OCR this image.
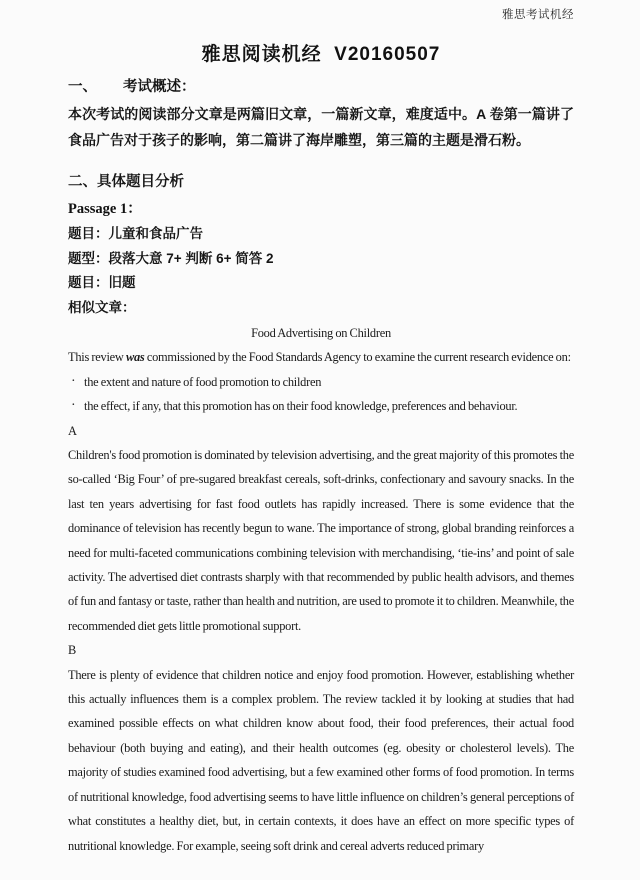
雅思考试机经
雅思阅读机经  V20160507
一、 考试概述：

本次考试的阅读部分文章是两篇旧文章，一篇新文章，难度适中。A 卷第一篇讲了食品广告对于孩子的影响，第二篇讲了海岸雕塑，第三篇的主题是滑石粉。

二、具体题目分析
Passage 1：
题目：儿童和食品广告
题型：段落大意 7+ 判断 6+ 简答 2
题目：旧题
相似文章：
Food Advertising on Children

This review was commissioned by the Food Standards Agency to examine the current research evidence on:

· the extent and nature of food promotion to children
· the effect, if any, that this promotion has on their food knowledge, preferences and behaviour.
A

Children's food promotion is dominated by television advertising, and the great majority of this promotes the so-called ‘Big Four’ of pre-sugared breakfast cereals, soft-drinks, confectionary and savoury snacks. In the last ten years advertising for fast food outlets has rapidly increased. There is some evidence that the dominance of television has recently begun to wane. The importance of strong, global branding reinforces a need for multi-faceted communications combining television with merchandising, ‘tie-ins’ and point of sale activity. The advertised diet contrasts sharply with that recommended by public health advisors, and themes of fun and fantasy or taste, rather than health and nutrition, are used to promote it to children. Meanwhile, the recommended diet gets little promotional support.

B

There is plenty of evidence that children notice and enjoy food promotion. However, establishing whether this actually influences them is a complex problem. The review tackled it by looking at studies that had examined possible effects on what children know about food, their food preferences, their actual food behaviour (both buying and eating), and their health outcomes (eg. obesity or cholesterol levels). The majority of studies examined food advertising, but a few examined other forms of food promotion. In terms of nutritional knowledge, food advertising seems to have little influence on children’s general perceptions of what constitutes a healthy diet, but, in certain contexts, it does have an effect on more specific types of nutritional knowledge. For example, seeing soft drink and cereal adverts reduced primary
